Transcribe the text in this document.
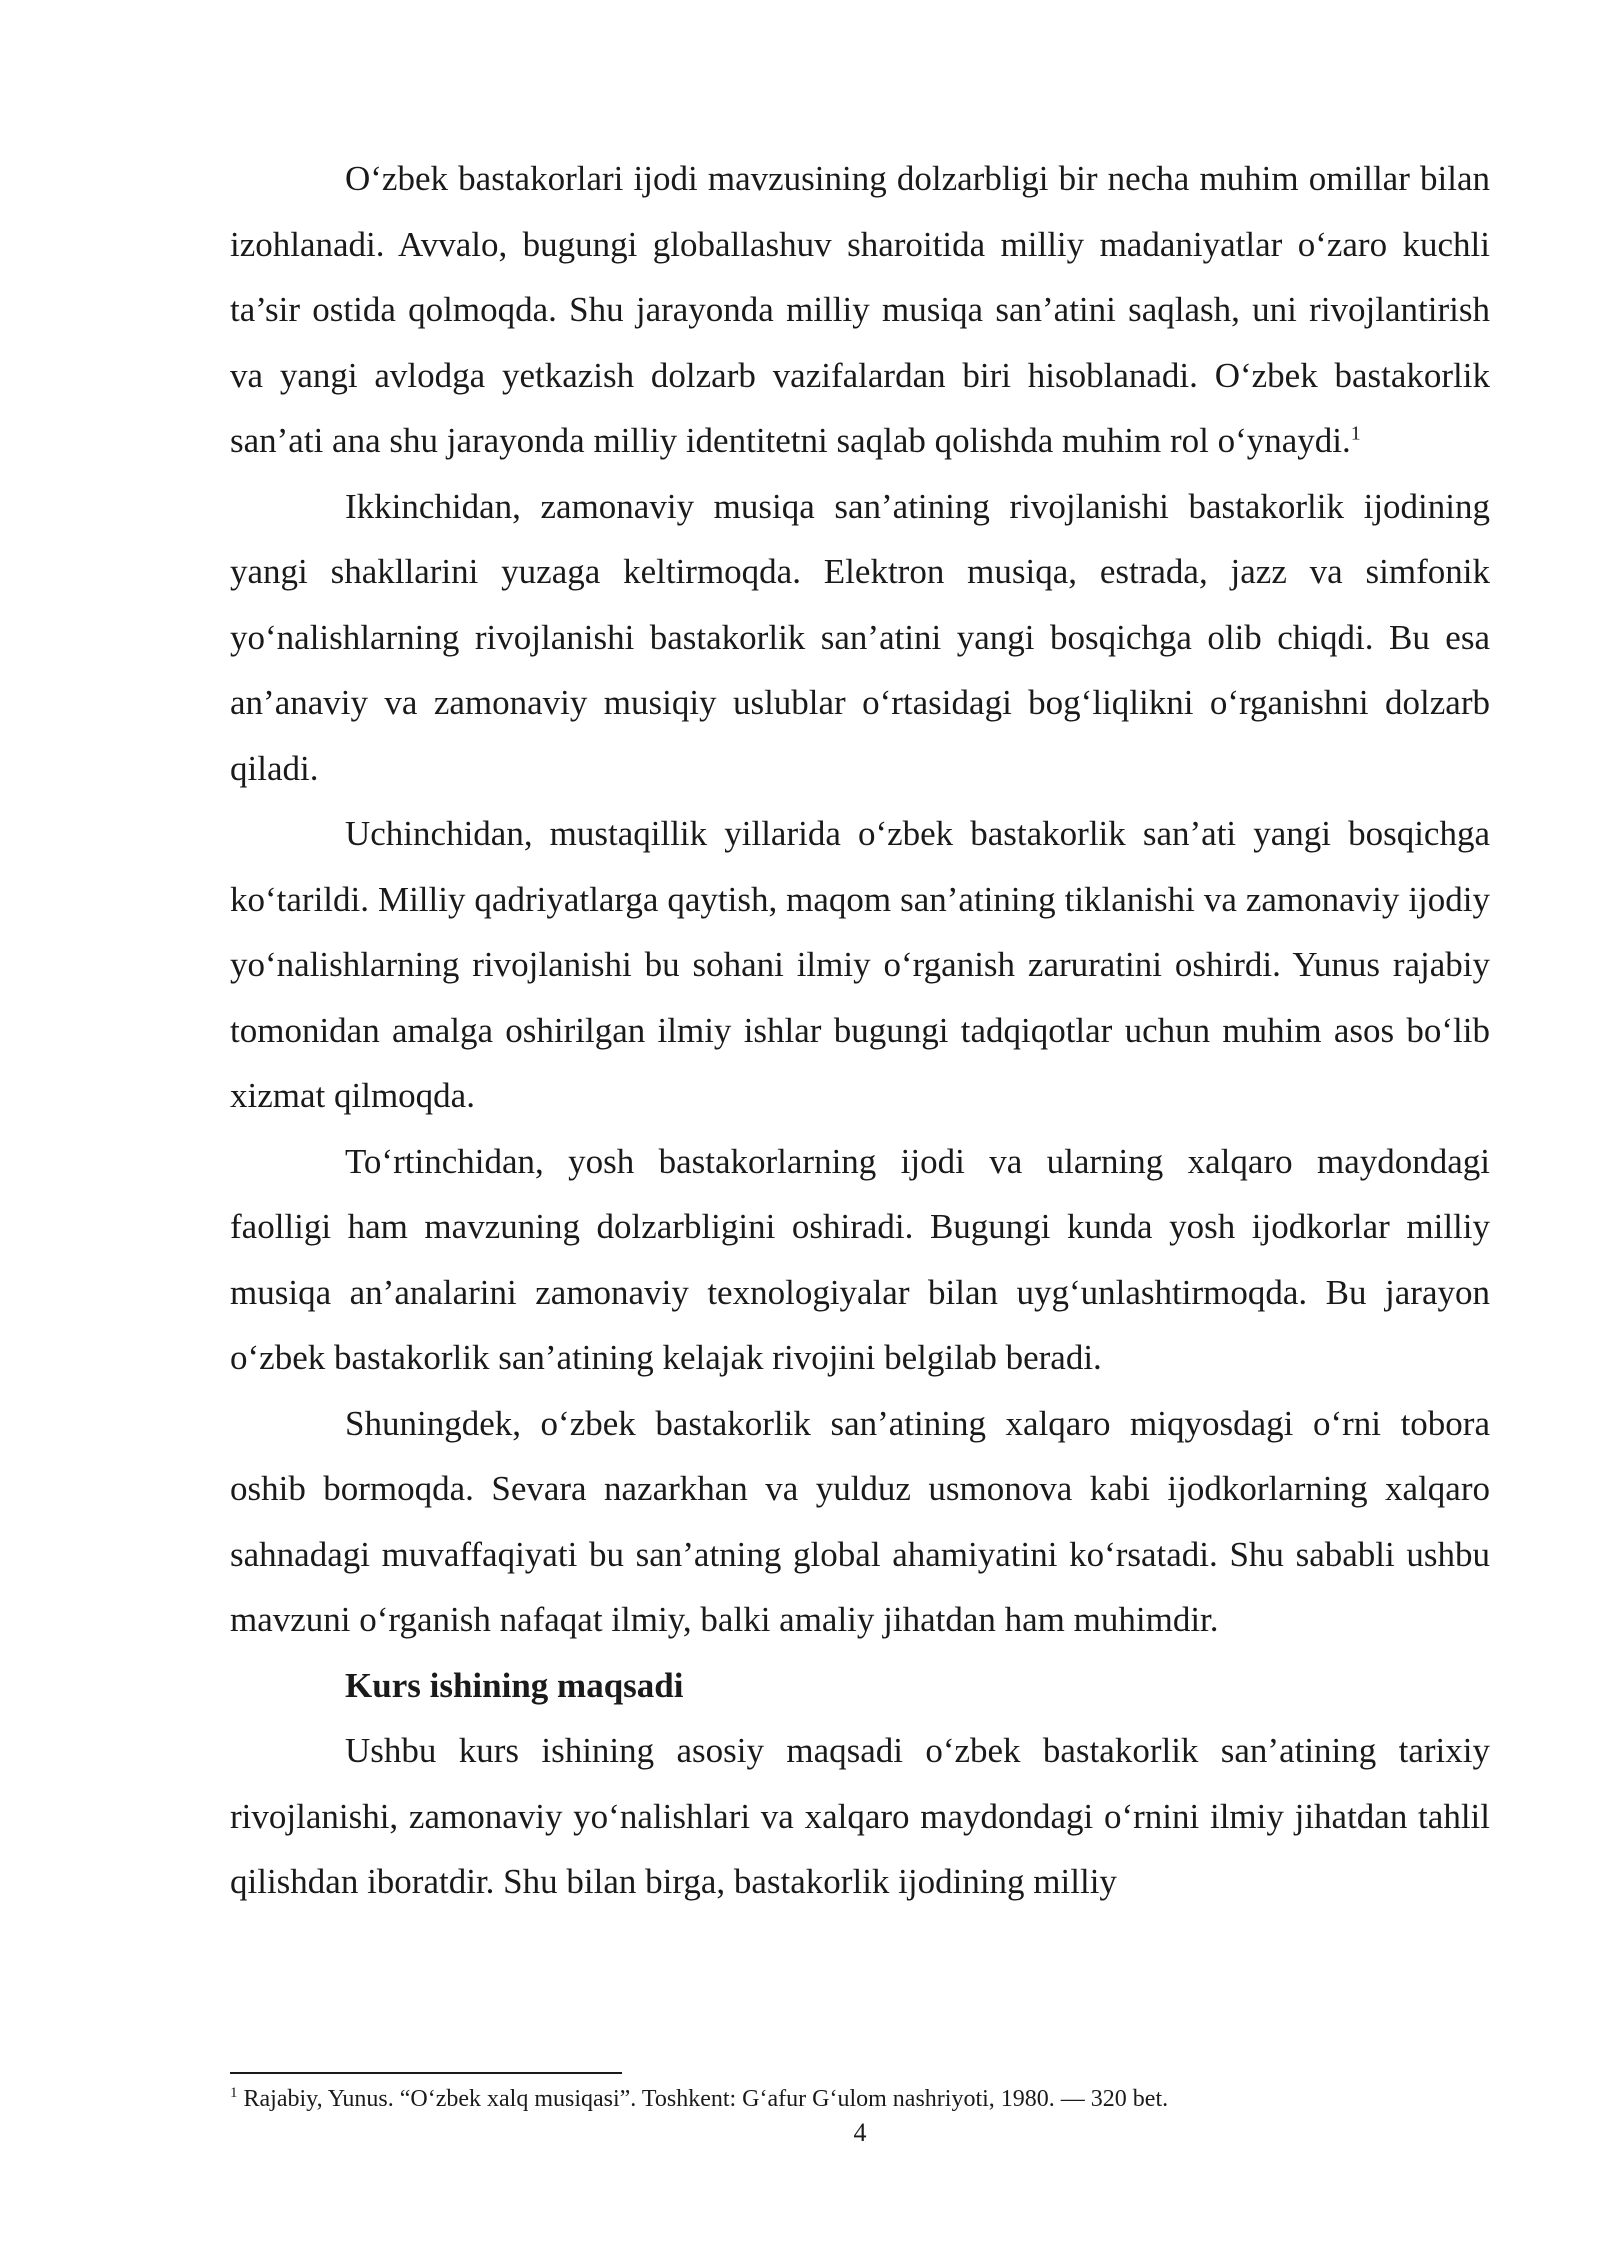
O‘zbek bastakorlari ijodi mavzusining dolzarbligi bir necha muhim omillar bilan izohlanadi. Avvalo, bugungi globallashuv sharoitida milliy madaniyatlar o‘zaro kuchli ta’sir ostida qolmoqda. Shu jarayonda milliy musiqa san’atini saqlash, uni rivojlantirish va yangi avlodga yetkazish dolzarb vazifalardan biri hisoblanadi. O‘zbek bastakorlik san’ati ana shu jarayonda milliy identitetni saqlab qolishda muhim rol o‘ynaydi.$^1$

Ikkinchidan, zamonaviy musiqa san’atining rivojlanishi bastakorlik ijodining yangi shakllarini yuzaga keltirmoqda. Elektron musiqa, estrada, jazz va simfonik yo‘nalishlarning rivojlanishi bastakorlik san’atini yangi bosqichga olib chiqdi. Bu esa an’anaviy va zamonaviy musiqiy uslublar o‘rtasidagi bog‘liqlikni o‘rganishni dolzarb qiladi.

Uchinchidan, mustaqillik yillarida o‘zbek bastakorlik san’ati yangi bosqichga ko‘tarildi. Milliy qadriyatlarga qaytish, maqom san’atining tiklanishi va zamonaviy ijodiy yo‘nalishlarning rivojlanishi bu sohani ilmiy o‘rganish zaruratini oshirdi. Yunus rajabiy tomonidan amalga oshirilgan ilmiy ishlar bugungi tadqiqotlar uchun muhim asos bo‘lib xizmat qilmoqda.

To‘rtinchidan, yosh bastakorlarning ijodi va ularning xalqaro maydondagi faolligi ham mavzuning dolzarbligini oshiradi. Bugungi kunda yosh ijodkorlar milliy musiqa an’analarini zamonaviy texnologiyalar bilan uyg‘unlashtirmoqda. Bu jarayon o‘zbek bastakorlik san’atining kelajak rivojini belgilab beradi.

Shuningdek, o‘zbek bastakorlik san’atining xalqaro miqyosdagi o‘rni tobora oshib bormoqda. Sevara nazarkhan va yulduz usmonova kabi ijodkorlarning xalqaro sahnadagi muvaffaqiyati bu san’atning global ahamiyatini ko‘rsatadi. Shu sababli ushbu mavzuni o‘rganish nafaqat ilmiy, balki amaliy jihatdan ham muhimdir.

Kurs ishining maqsadi

Ushbu kurs ishining asosiy maqsadi o‘zbek bastakorlik san’atining tarixiy rivojlanishi, zamonaviy yo‘nalishlari va xalqaro maydondagi o‘rnini ilmiy jihatdan tahlil qilishdan iboratdir. Shu bilan birga, bastakorlik ijodining milliy

$^1$ Rajabiy, Yunus. “O‘zbek xalq musiqasi”. Toshkent: G‘afur G‘ulom nashriyoti, 1980. — 320 bet.
4
